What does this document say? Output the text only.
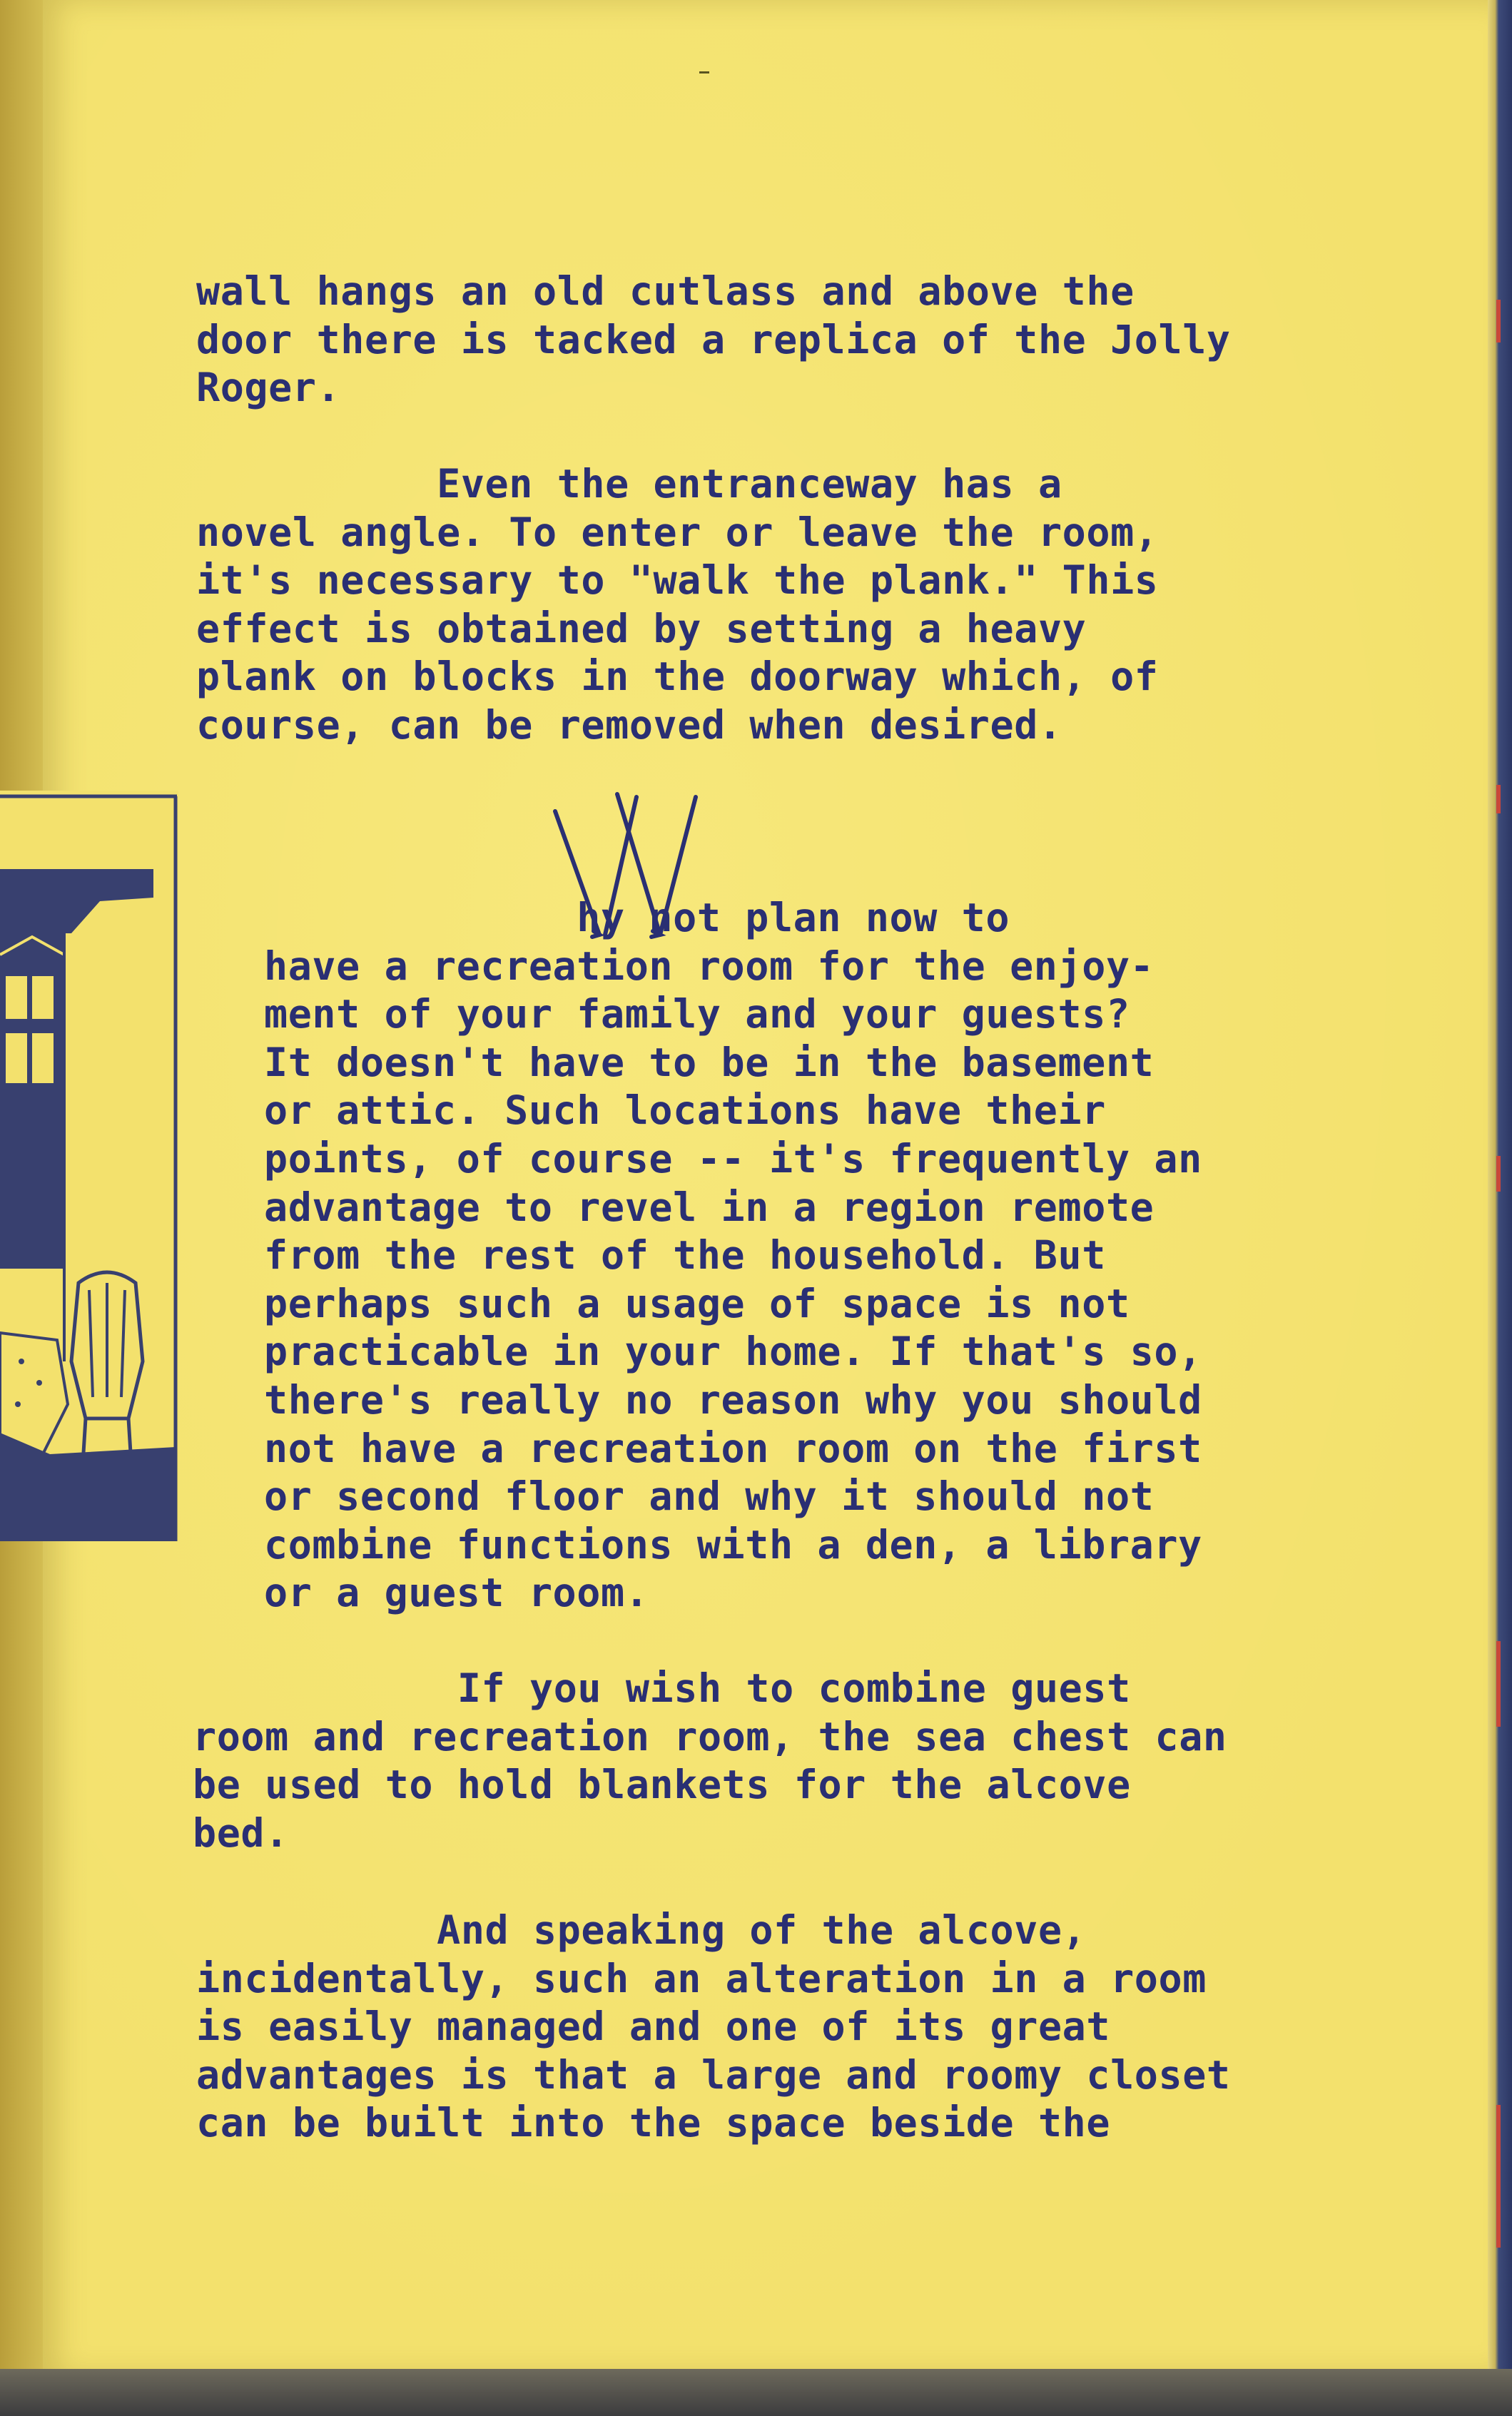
wall hangs an old cutlass and above the
door there is tacked a replica of the Jolly
Roger.
Even the entranceway has a
novel angle. To enter or leave the room,
it's necessary to "walk the plank." This
effect is obtained by setting a heavy
plank on blocks in the doorway which, of
course, can be removed when desired.
hy not plan now to
have a recreation room for the enjoy-
ment of your family and your guests?
It doesn't have to be in the basement
or attic. Such locations have their
points, of course -- it's frequently an
advantage to revel in a region remote
from the rest of the household. But
perhaps such a usage of space is not
practicable in your home. If that's so,
there's really no reason why you should
not have a recreation room on the first
or second floor and why it should not
combine functions with a den, a library
or a guest room.
If you wish to combine guest
room and recreation room, the sea chest can
be used to hold blankets for the alcove
bed.
And speaking of the alcove,
incidentally, such an alteration in a room
is easily managed and one of its great
advantages is that a large and roomy closet
can be built into the space beside the
